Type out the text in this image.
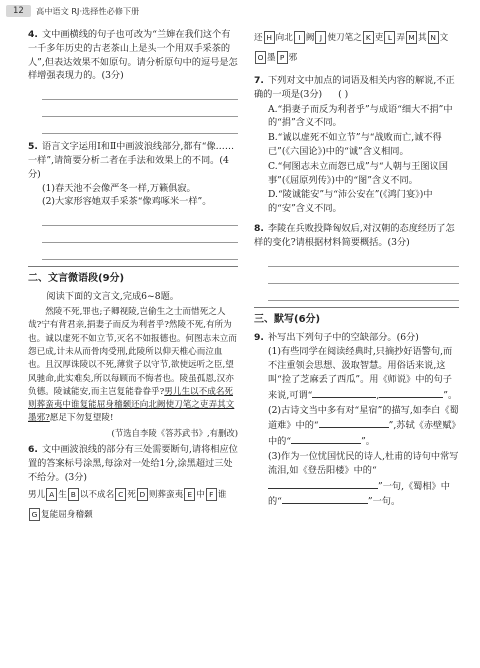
12	高中语文 RJ·选择性必修下册
4. 文中画横线的句子也可改为“兰婶在我们这个有一千多年历史的古老茶山上是头一个用双手采茶的人”,但表达效果不如原句。请分析原句中的逗号是怎样增强表现力的。(3分)
5. 语言文字运用Ⅰ和Ⅱ中画波浪线部分,都有“像……一样”,请简要分析二者在手法和效果上的不同。(4分)
(1)春天池不会像严冬一样,万籁俱寂。
(2)大家形容她双手采茶“像鸡啄米一样”。
二、文言微语段(9分)
阅读下面的文言文,完成6~8题。
然陵不死,罪也;子卿视陵,岂偷生之士而惜死之人哉?宁有背君亲,捐妻子而反为利者乎?然陵不死,有所为也。诚以虚死不如立节,灭名不如报德也。何图志未立而怨已成,计未从而骨肉受刑,此陵所以仰天椎心而泣血也。且汉厚诛陵以不死,薄赏子以守节,欲使远听之臣,望风驰命,此实难矣,所以每顾而不悔者也。陵虽孤恩,汉亦负德。陵诚能安,而主岂复能眷眷乎?男儿生以不成名死则葬蛮夷中谁复能屈身稽颡还向北阙使刀笔之吏弄其文墨邪?愿足下勿复望陵!
(节选自李陵《答苏武书》,有删改)
6. 文中画波浪线的部分有三处需要断句,请将相应位置的答案标号涂黑,每涂对一处给1分,涂黑超过三处不给分。(3分)
男儿 A 生 B 以不成名 C 死 D 则葬蛮夷 E 中 F 谁G 复能屈身稽颡
还 H 向北 I 阙 J 使刀笔之 K 吏 L 弄 M 其 N 文O 墨 P 邪
7. 下列对文中加点的词语及相关内容的解说,不正确的一项是(3分) ( )
A.“捐妻子而反为利者乎”与成语“细大不捐”中的“捐”含义不同。
B.“诚以虚死不如立节”与“战败而亡,诚不得已”(《六国论》)中的“诚”含义相同。
C.“何图志未立而怨已成”与“人朝与王图议国事”(《屈原列传》)中的“图”含义不同。
D.“陵诚能安”与“沛公安在”(《鸿门宴》)中的“安”含义不同。
8. 李陵在兵败投降匈奴后,对汉朝的态度经历了怎样的变化?请根据材料简要概括。(3分)
三、默写(6分)
9. 补写出下列句子中的空缺部分。(6分)
(1)有些同学在阅读经典时,只摘抄好语警句,而不注重领会思想、汲取智慧。用俗话来说,这叫“捡了芝麻丢了西瓜”。用《师说》中的句子来说,可谓“	,	”。
(2)古诗文当中多有对“星宿”的描写,如李白《蜀道难》中的“	”,苏轼《赤壁赋》中的“	”。
(3)作为一位忧国忧民的诗人,杜甫的诗句中常写流泪,如《登岳阳楼》中的“”一句,《蜀相》中的“	”一句。
